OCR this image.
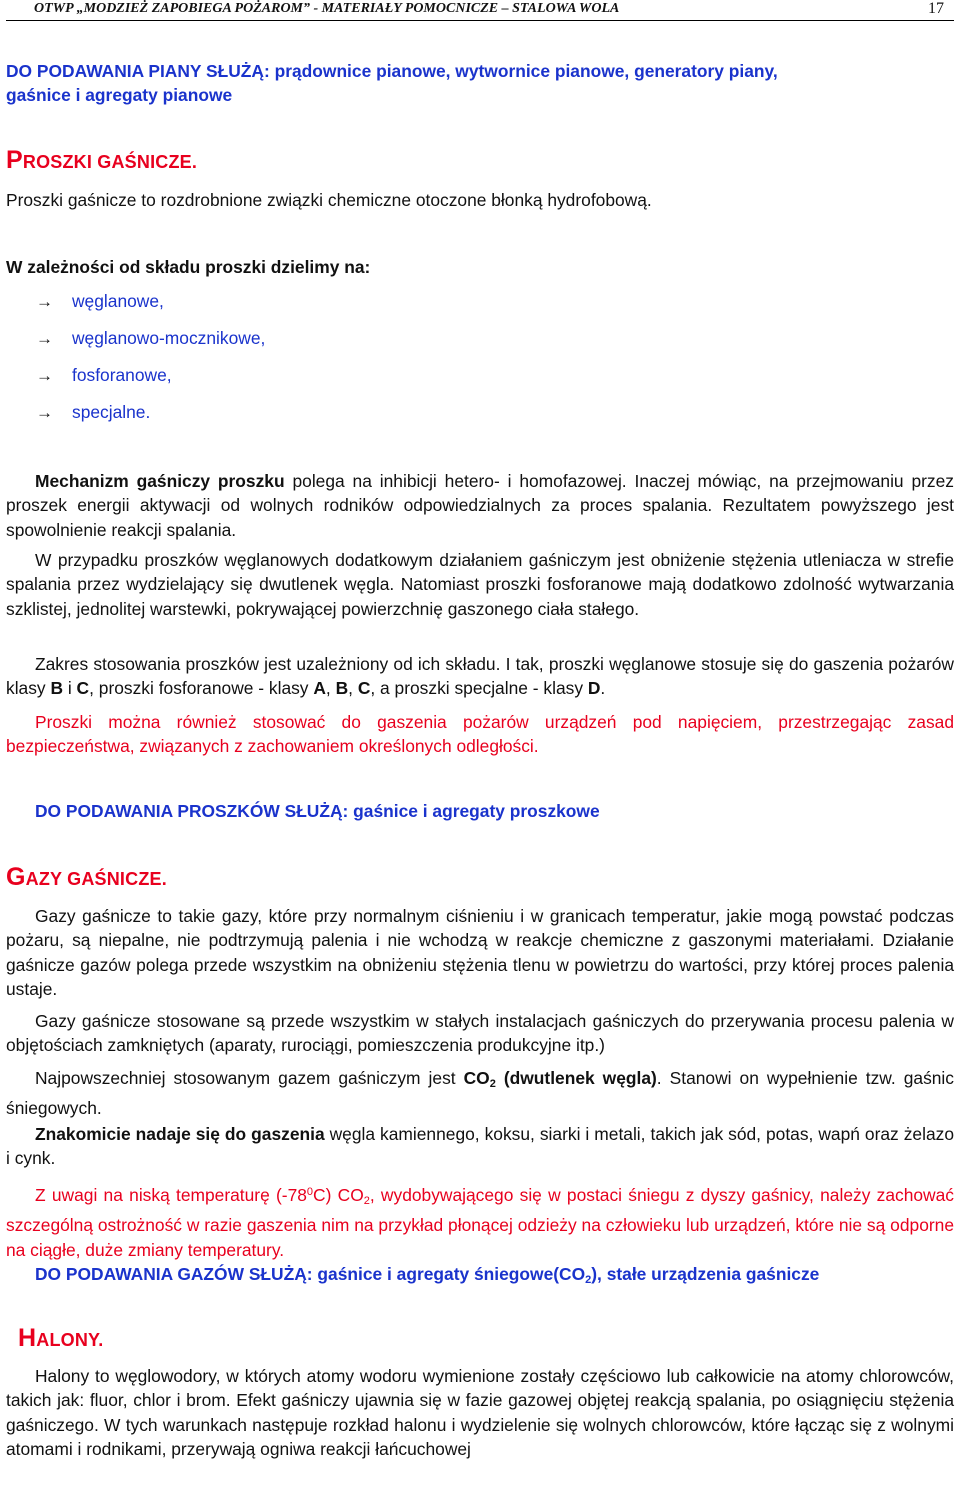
OTWP „MODZIEŻ ZAPOBIEGA POŻAROM” - MATERIAŁY POMOCNICZE – STALOWA WOLA	17
DO PODAWANIA PIANY SŁUŻĄ: prądownice pianowe, wytwornice pianowe, generatory piany,
gaśnice i agregaty pianowe
PROSZKI GAŚNICZE.
Proszki gaśnicze to rozdrobnione związki chemiczne otoczone błonką hydrofobową.
W zależności od składu proszki dzielimy na:
→ węglanowe,
→ węglanowo-mocznikowe,
→ fosforanowe,
→ specjalne.
Mechanizm gaśniczy proszku polega na inhibicji hetero- i homofazowej. Inaczej mówiąc, na przejmowaniu przez proszek energii aktywacji od wolnych rodników odpowiedzialnych za proces spalania. Rezultatem powyższego jest spowolnienie reakcji spalania.
W przypadku proszków węglanowych dodatkowym działaniem gaśniczym jest obniżenie stężenia utleniacza w strefie spalania przez wydzielający się dwutlenek węgla. Natomiast proszki fosforanowe mają dodatkowo zdolność wytwarzania szklistej, jednolitej warstewki, pokrywającej powierzchnię gaszonego ciała stałego.
Zakres stosowania proszków jest uzależniony od ich składu. I tak, proszki węglanowe stosuje się do gaszenia pożarów klasy B i C, proszki fosforanowe - klasy A, B, C, a proszki specjalne - klasy D.
Proszki można również stosować do gaszenia pożarów urządzeń pod napięciem, przestrzegając zasad bezpieczeństwa, związanych z zachowaniem określonych odległości.
DO PODAWANIA PROSZKÓW SŁUŻĄ: gaśnice i agregaty proszkowe
GAZY GAŚNICZE.
Gazy gaśnicze to takie gazy, które przy normalnym ciśnieniu i w granicach temperatur, jakie mogą powstać podczas pożaru, są niepalne, nie podtrzymują palenia i nie wchodzą w reakcje chemiczne z gaszonymi materiałami. Działanie gaśnicze gazów polega przede wszystkim na obniżeniu stężenia tlenu w powietrzu do wartości, przy której proces palenia ustaje.
Gazy gaśnicze stosowane są przede wszystkim w stałych instalacjach gaśniczych do przerywania procesu palenia w objętościach zamkniętych (aparaty, rurociągi, pomieszczenia produkcyjne itp.)
Najpowszechniej stosowanym gazem gaśniczym jest $CO_2$ (dwutlenek węgla). Stanowi on wypełnienie tzw. gaśnic śniegowych.
Znakomicie nadaje się do gaszenia węgla kamiennego, koksu, siarki i metali, takich jak sód, potas, wapń oraz żelazo i cynk.
Z uwagi na niską temperaturę $(-78^0C)$ $CO_2$, wydobywającego się w postaci śniegu z dyszy gaśnicy, należy zachować szczególną ostrożność w razie gaszenia nim na przykład płonącej odzieży na człowieku lub urządzeń, które nie są odporne na ciągłe, duże zmiany temperatury.
DO PODAWANIA GAZÓW SŁUŻĄ: gaśnice i agregaty $śniegowe(CO_2)$, stałe urządzenia gaśnicze
HALONY.
Halony to węglowodory, w których atomy wodoru wymienione zostały częściowo lub całkowicie na atomy chlorowców, takich jak: fluor, chlor i brom. Efekt gaśniczy ujawnia się w fazie gazowej objętej reakcją spalania, po osiągnięciu stężenia gaśniczego. W tych warunkach następuje rozkład halonu i wydzielenie się wolnych chlorowców, które łącząc się z wolnymi atomami i rodnikami, przerywają ogniwa reakcji łańcuchowej
